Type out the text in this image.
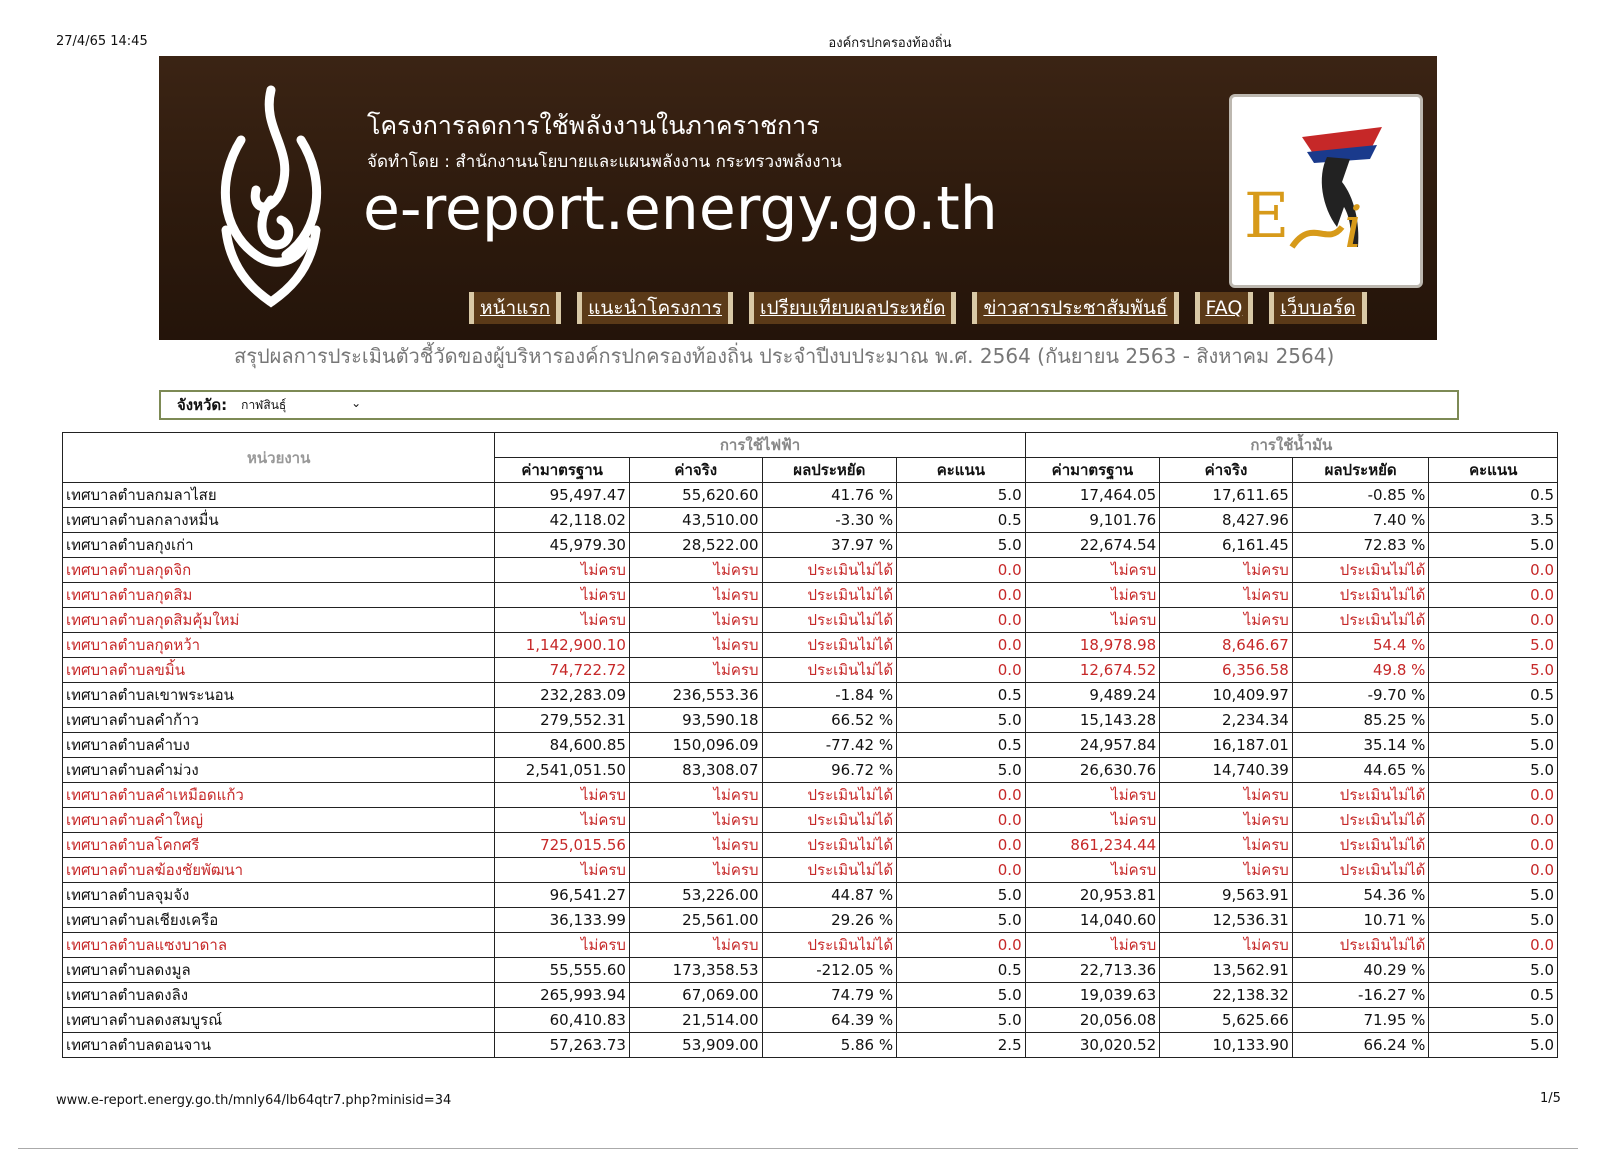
27/4/65 14:45	องค์กรปกครองท้องถิ่น
โครงการลดการใช้พลังงานในภาคราชการ
จัดทำโดย : สำนักงานนโยบายและแผนพลังงาน กระทรวงพลังงาน
e-report.energy.go.th	E i
หน้าแรก	แนะนำโครงการ	เปรียบเทียบผลประหยัด	ข่าวสารประชาสัมพันธ์	FAQ	เว็บบอร์ด
สรุปผลการประเมินตัวชี้วัดของผู้บริหารองค์กรปกครองท้องถิ่น ประจำปีงบประมาณ พ.ศ. 2564 (กันยายน 2563 - สิงหาคม 2564)
จังหวัด: กาฬสินธุ์	⌄
หน่วยงาน	การใช้ไฟฟ้า				การใช้น้ำมัน			
	ค่ามาตรฐาน	ค่าจริง	ผลประหยัด	คะแนน	ค่ามาตรฐาน	ค่าจริง	ผลประหยัด	คะแนน
เทศบาลตำบลกมลาไสย	95,497.47	55,620.60	41.76 %	5.0	17,464.05	17,611.65	-0.85 %	0.5
เทศบาลตำบลกลางหมื่น	42,118.02	43,510.00	-3.30 %	0.5	9,101.76	8,427.96	7.40 %	3.5
เทศบาลตำบลกุงเก่า	45,979.30	28,522.00	37.97 %	5.0	22,674.54	6,161.45	72.83 %	5.0
เทศบาลตำบลกุดจิก	ไม่ครบ	ไม่ครบ	ประเมินไม่ได้	0.0	ไม่ครบ	ไม่ครบ	ประเมินไม่ได้	0.0
เทศบาลตำบลกุดสิม	ไม่ครบ	ไม่ครบ	ประเมินไม่ได้	0.0	ไม่ครบ	ไม่ครบ	ประเมินไม่ได้	0.0
เทศบาลตำบลกุดสิมคุ้มใหม่	ไม่ครบ	ไม่ครบ	ประเมินไม่ได้	0.0	ไม่ครบ	ไม่ครบ	ประเมินไม่ได้	0.0
เทศบาลตำบลกุดหว้า	1,142,900.10	ไม่ครบ	ประเมินไม่ได้	0.0	18,978.98	8,646.67	54.4 %	5.0
เทศบาลตำบลขมิ้น	74,722.72	ไม่ครบ	ประเมินไม่ได้	0.0	12,674.52	6,356.58	49.8 %	5.0
เทศบาลตำบลเขาพระนอน	232,283.09	236,553.36	-1.84 %	0.5	9,489.24	10,409.97	-9.70 %	0.5
เทศบาลตำบลคำก้าว	279,552.31	93,590.18	66.52 %	5.0	15,143.28	2,234.34	85.25 %	5.0
เทศบาลตำบลคำบง	84,600.85	150,096.09	-77.42 %	0.5	24,957.84	16,187.01	35.14 %	5.0
เทศบาลตำบลคำม่วง	2,541,051.50	83,308.07	96.72 %	5.0	26,630.76	14,740.39	44.65 %	5.0
เทศบาลตำบลคำเหมือดแก้ว	ไม่ครบ	ไม่ครบ	ประเมินไม่ได้	0.0	ไม่ครบ	ไม่ครบ	ประเมินไม่ได้	0.0
เทศบาลตำบลคำใหญ่	ไม่ครบ	ไม่ครบ	ประเมินไม่ได้	0.0	ไม่ครบ	ไม่ครบ	ประเมินไม่ได้	0.0
เทศบาลตำบลโคกศรี	725,015.56	ไม่ครบ	ประเมินไม่ได้	0.0	861,234.44	ไม่ครบ	ประเมินไม่ได้	0.0
เทศบาลตำบลฆ้องชัยพัฒนา	ไม่ครบ	ไม่ครบ	ประเมินไม่ได้	0.0	ไม่ครบ	ไม่ครบ	ประเมินไม่ได้	0.0
เทศบาลตำบลจุมจัง	96,541.27	53,226.00	44.87 %	5.0	20,953.81	9,563.91	54.36 %	5.0
เทศบาลตำบลเชียงเครือ	36,133.99	25,561.00	29.26 %	5.0	14,040.60	12,536.31	10.71 %	5.0
เทศบาลตำบลแซงบาดาล	ไม่ครบ	ไม่ครบ	ประเมินไม่ได้	0.0	ไม่ครบ	ไม่ครบ	ประเมินไม่ได้	0.0
เทศบาลตำบลดงมูล	55,555.60	173,358.53	-212.05 %	0.5	22,713.36	13,562.91	40.29 %	5.0
เทศบาลตำบลดงลิง	265,993.94	67,069.00	74.79 %	5.0	19,039.63	22,138.32	-16.27 %	0.5
เทศบาลตำบลดงสมบูรณ์	60,410.83	21,514.00	64.39 %	5.0	20,056.08	5,625.66	71.95 %	5.0
เทศบาลตำบลดอนจาน	57,263.73	53,909.00	5.86 %	2.5	30,020.52	10,133.90	66.24 %	5.0
www.e-report.energy.go.th/mnly64/lb64qtr7.php?minisid=34	1/5
